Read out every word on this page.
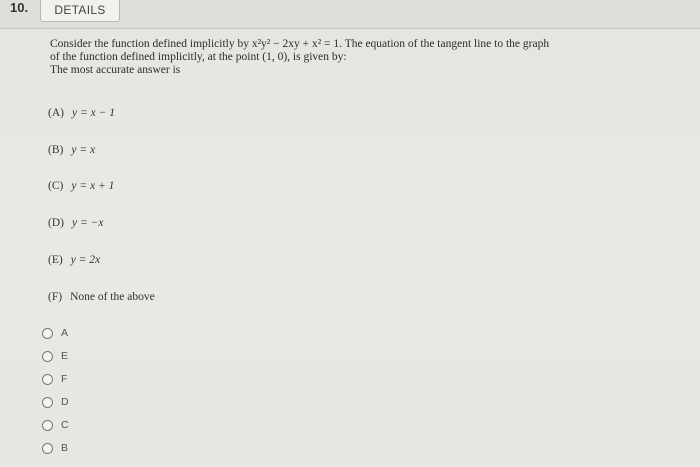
10.	DETAILS
Consider the function defined implicitly by x²y² − 2xy + x² = 1. The equation of the tangent line to the graph
of the function defined implicitly, at the point (1, 0), is given by:
The most accurate answer is
(A) y = x − 1
(B) y = x
(C) y = x + 1
(D) y = −x
(E) y = 2x
(F) None of the above
A
E
F
D
C
B
